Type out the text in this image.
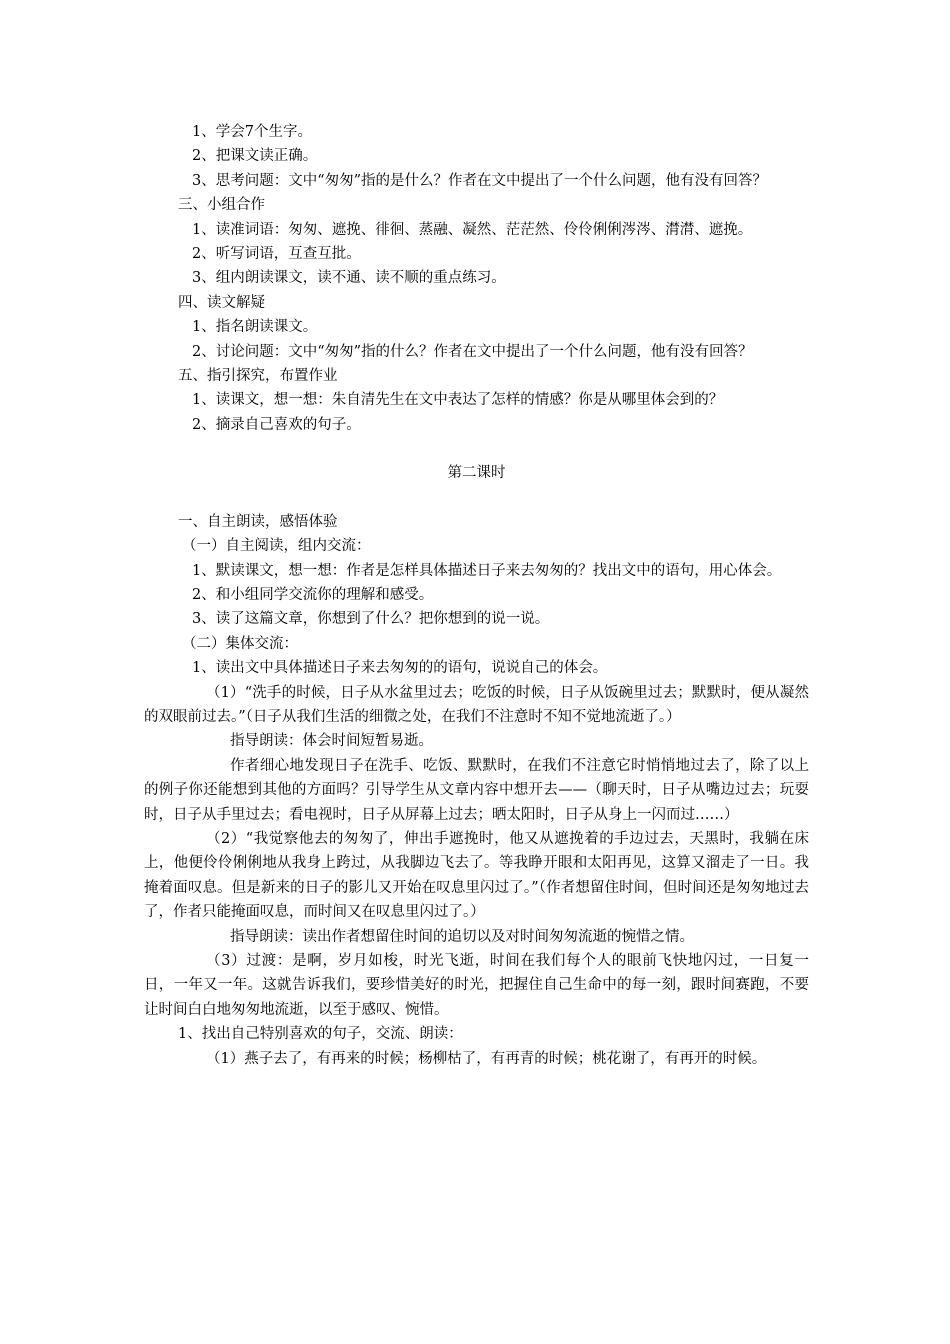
1、学会7个生字。

2、把课文读正确。

3、思考问题：文中“匆匆”指的是什么？作者在文中提出了一个什么问题，他有没有回答？

三、小组合作

1、读准词语：匆匆、遮挽、徘徊、蒸融、凝然、茫茫然、伶伶俐俐涔涔、潸潸、遮挽。

2、听写词语，互查互批。

3、组内朗读课文，读不通、读不顺的重点练习。

四、读文解疑

1、指名朗读课文。

2、讨论问题：文中“匆匆”指的什么？作者在文中提出了一个什么问题，他有没有回答？

五、指引探究，布置作业

1、读课文，想一想：朱自清先生在文中表达了怎样的情感？你是从哪里体会到的？

2、摘录自己喜欢的句子。

第二课时

一、自主朗读，感悟体验

（一）自主阅读，组内交流：

1、默读课文，想一想：作者是怎样具体描述日子来去匆匆的？找出文中的语句，用心体会。

2、和小组同学交流你的理解和感受。

3、读了这篇文章，你想到了什么？把你想到的说一说。

（二）集体交流：

1、读出文中具体描述日子来去匆匆的的语句，说说自己的体会。

（1）“洗手的时候，日子从水盆里过去；吃饭的时候，日子从饭碗里过去；默默时，便从凝然的双眼前过去。”（日子从我们生活的细微之处，在我们不注意时不知不觉地流逝了。）

指导朗读：体会时间短暂易逝。

作者细心地发现日子在洗手、吃饭、默默时，在我们不注意它时悄悄地过去了，除了以上的例子你还能想到其他的方面吗？引导学生从文章内容中想开去——（聊天时，日子从嘴边过去；玩耍时，日子从手里过去；看电视时，日子从屏幕上过去；晒太阳时，日子从身上一闪而过……）

（2）“我觉察他去的匆匆了，伸出手遮挽时，他又从遮挽着的手边过去，天黑时，我躺在床上，他便伶伶俐俐地从我身上跨过，从我脚边飞去了。等我睁开眼和太阳再见，这算又溜走了一日。我掩着面叹息。但是新来的日子的影儿又开始在叹息里闪过了。”（作者想留住时间，但时间还是匆匆地过去了，作者只能掩面叹息，而时间又在叹息里闪过了。）

指导朗读：读出作者想留住时间的追切以及对时间匆匆流逝的惋惜之情。

（3）过渡：是啊，岁月如梭，时光飞逝，时间在我们每个人的眼前飞快地闪过，一日复一日，一年又一年。这就告诉我们，要珍惜美好的时光，把握住自己生命中的每一刻，跟时间赛跑，不要让时间白白地匆匆地流逝，以至于感叹、惋惜。

1、找出自己特别喜欢的句子，交流、朗读：

（1）燕子去了，有再来的时候；杨柳枯了，有再青的时候；桃花谢了，有再开的时候。
